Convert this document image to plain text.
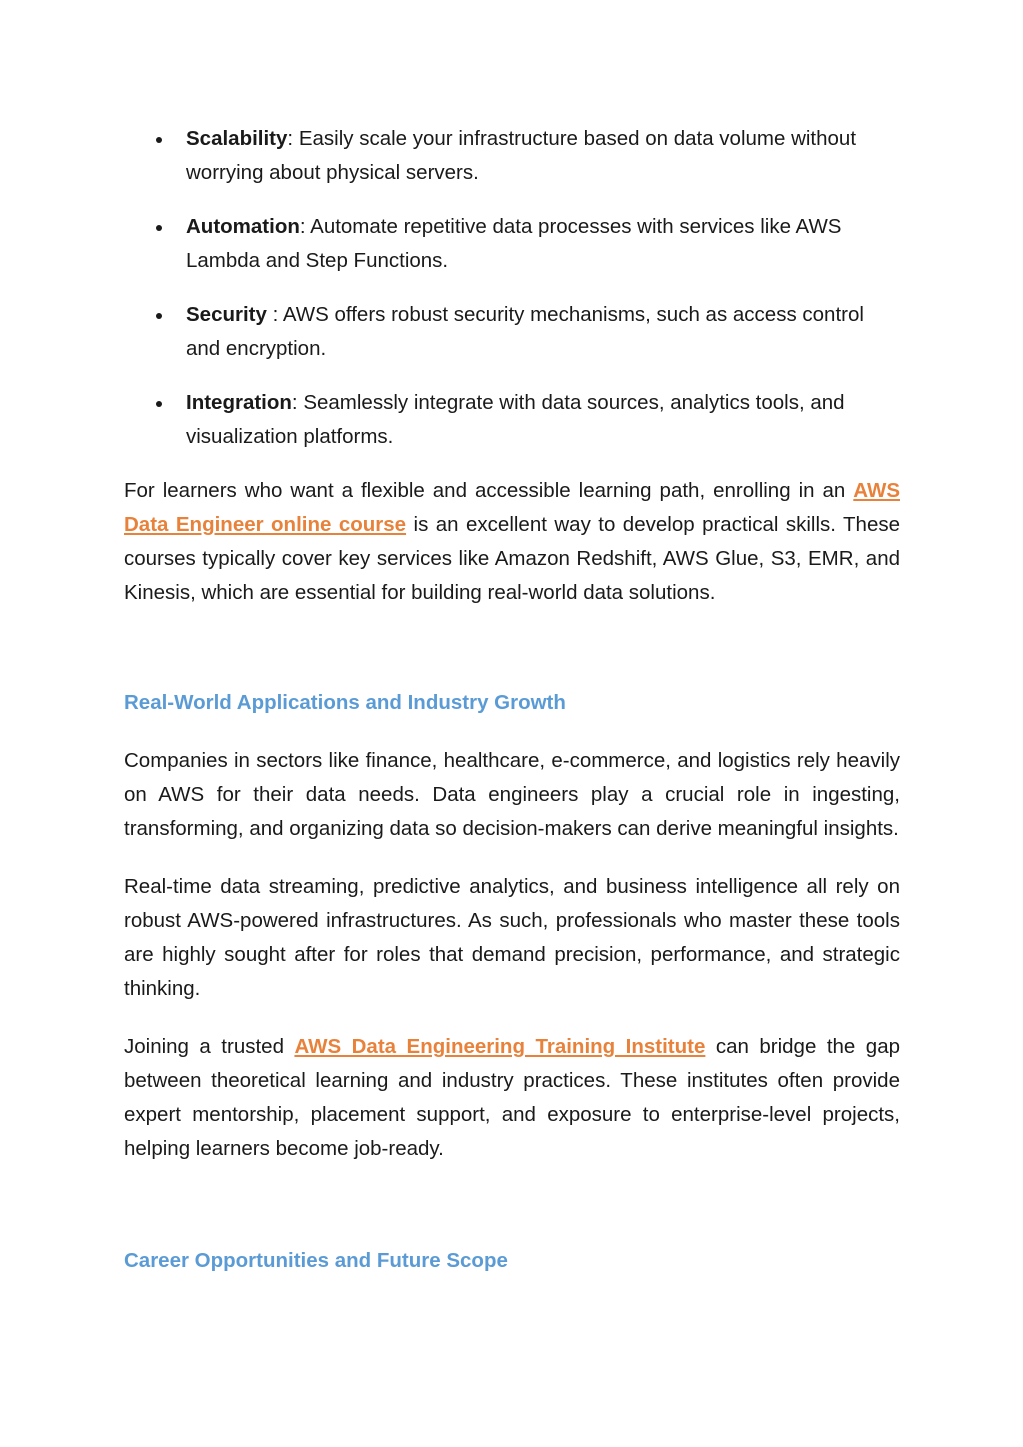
Scalability: Easily scale your infrastructure based on data volume without worrying about physical servers.
Automation: Automate repetitive data processes with services like AWS Lambda and Step Functions.
Security : AWS offers robust security mechanisms, such as access control and encryption.
Integration: Seamlessly integrate with data sources, analytics tools, and visualization platforms.

For learners who want a flexible and accessible learning path, enrolling in an AWS Data Engineer online course is an excellent way to develop practical skills. These courses typically cover key services like Amazon Redshift, AWS Glue, S3, EMR, and Kinesis, which are essential for building real-world data solutions.

Real-World Applications and Industry Growth

Companies in sectors like finance, healthcare, e-commerce, and logistics rely heavily on AWS for their data needs. Data engineers play a crucial role in ingesting, transforming, and organizing data so decision-makers can derive meaningful insights.

Real-time data streaming, predictive analytics, and business intelligence all rely on robust AWS-powered infrastructures. As such, professionals who master these tools are highly sought after for roles that demand precision, performance, and strategic thinking.

Joining a trusted AWS Data Engineering Training Institute can bridge the gap between theoretical learning and industry practices. These institutes often provide expert mentorship, placement support, and exposure to enterprise-level projects, helping learners become job-ready.

Career Opportunities and Future Scope
